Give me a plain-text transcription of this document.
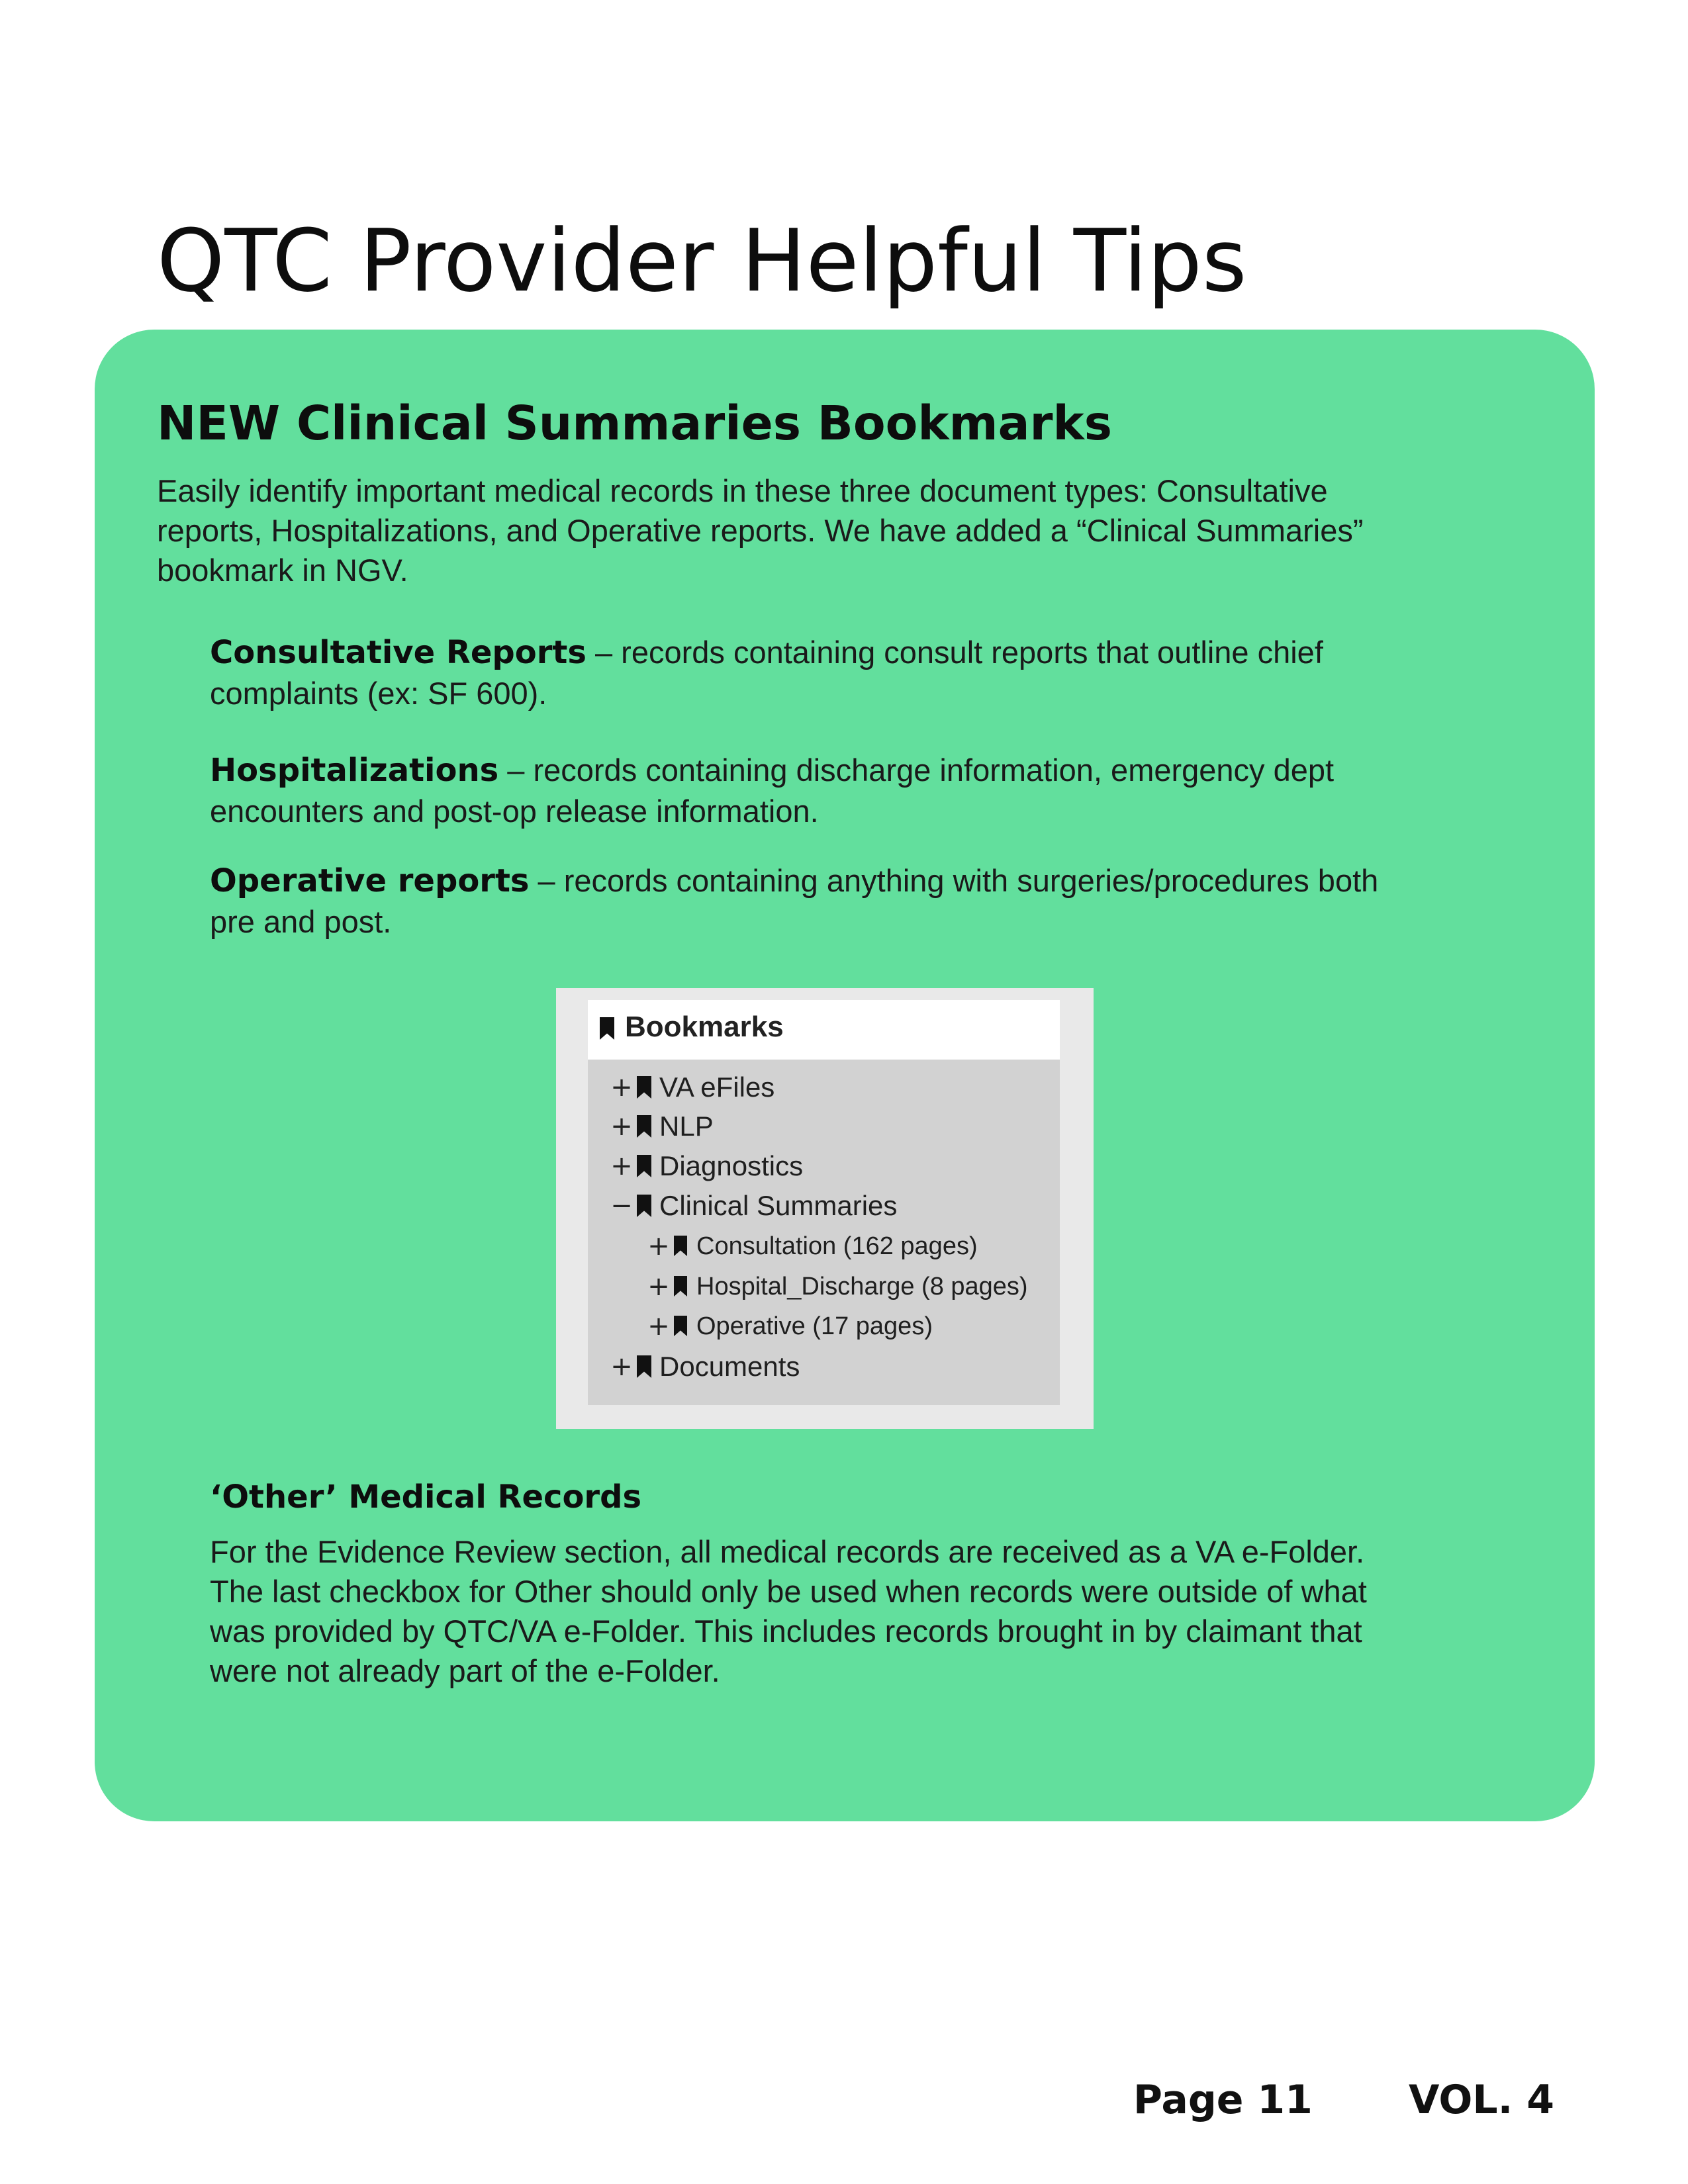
QTC Provider Helpful Tips
NEW Clinical Summaries Bookmarks

Easily identify important medical records in these three document types: Consultative reports, Hospitalizations, and Operative reports. We have added a “Clinical Summaries” bookmark in NGV.

Consultative Reports – records containing consult reports that outline chief complaints (ex: SF 600).

Hospitalizations – records containing discharge information, emergency dept encounters and post-op release information.

Operative reports – records containing anything with surgeries/procedures both pre and post.

Bookmarks
+ VA eFiles
+ NLP
+ Diagnostics
− Clinical Summaries
+ Consultation (162 pages)
+ Hospital_Discharge (8 pages)
+ Operative (17 pages)
+ Documents
‘Other’ Medical Records

For the Evidence Review section, all medical records are received as a VA e-Folder. The last checkbox for Other should only be used when records were outside of what was provided by QTC/VA e-Folder. This includes records brought in by claimant that were not already part of the e-Folder.

Page 11 VOL. 4
